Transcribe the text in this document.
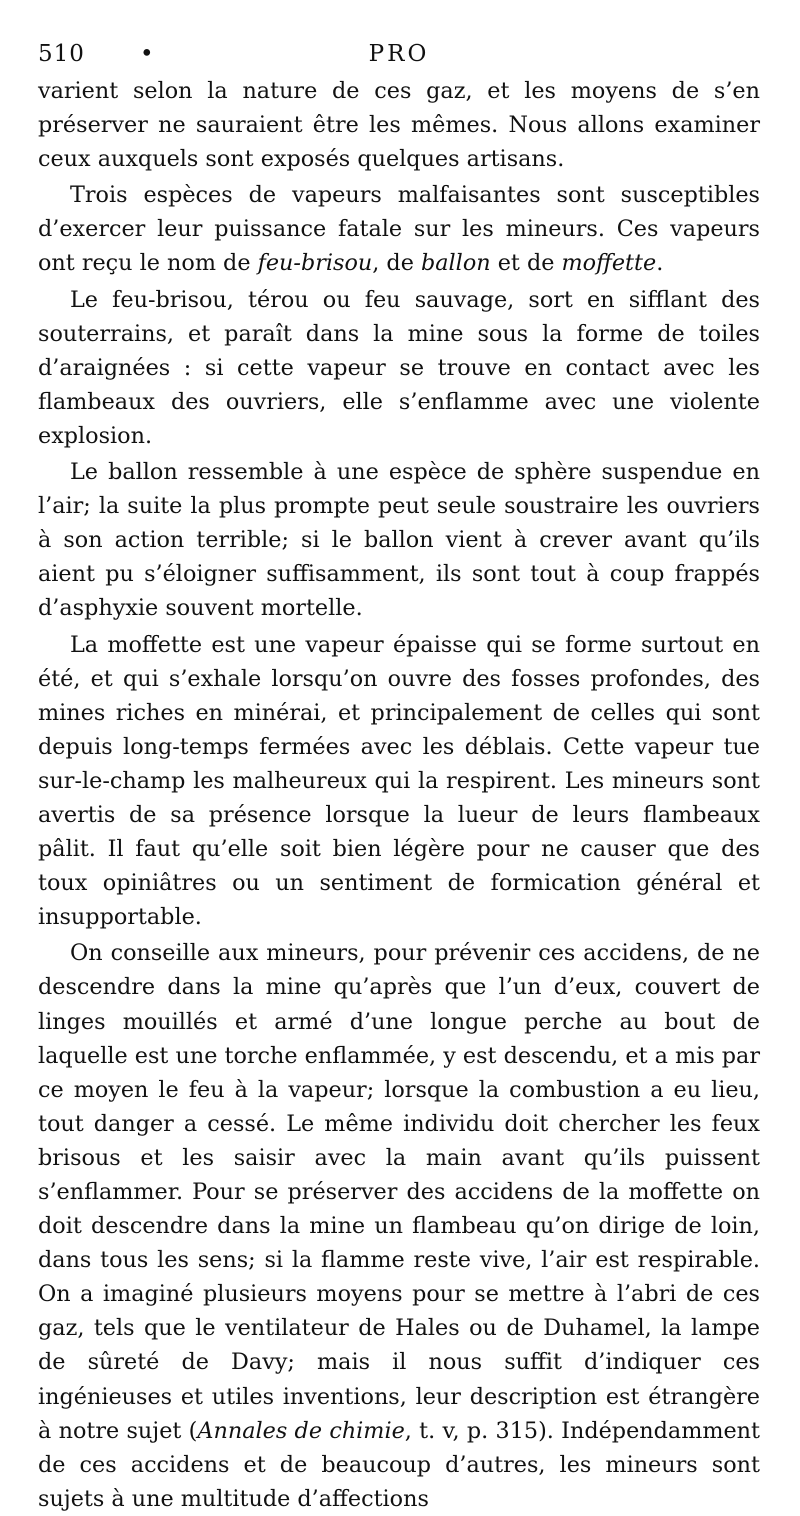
510 •	PRO

varient selon la nature de ces gaz, et les moyens de s’en préserver ne sauraient être les mêmes. Nous allons examiner ceux auxquels sont exposés quelques artisans.

Trois espèces de vapeurs malfaisantes sont susceptibles d’exercer leur puissance fatale sur les mineurs. Ces vapeurs ont reçu le nom de feu-brisou, de ballon et de moffette.

Le feu-brisou, térou ou feu sauvage, sort en sifflant des souterrains, et paraît dans la mine sous la forme de toiles d’araignées : si cette vapeur se trouve en contact avec les flambeaux des ouvriers, elle s’enflamme avec une violente explosion.

Le ballon ressemble à une espèce de sphère suspendue en l’air; la suite la plus prompte peut seule soustraire les ouvriers à son action terrible; si le ballon vient à crever avant qu’ils aient pu s’éloigner suffisamment, ils sont tout à coup frappés d’asphyxie souvent mortelle.

La moffette est une vapeur épaisse qui se forme surtout en été, et qui s’exhale lorsqu’on ouvre des fosses profondes, des mines riches en minérai, et principalement de celles qui sont depuis long-temps fermées avec les déblais. Cette vapeur tue sur-le-champ les malheureux qui la respirent. Les mineurs sont avertis de sa présence lorsque la lueur de leurs flambeaux pâlit. Il faut qu’elle soit bien légère pour ne causer que des toux opiniâtres ou un sentiment de formication général et insupportable.

On conseille aux mineurs, pour prévenir ces accidens, de ne descendre dans la mine qu’après que l’un d’eux, couvert de linges mouillés et armé d’une longue perche au bout de laquelle est une torche enflammée, y est descendu, et a mis par ce moyen le feu à la vapeur; lorsque la combustion a eu lieu, tout danger a cessé. Le même individu doit chercher les feux brisous et les saisir avec la main avant qu’ils puissent s’enflammer. Pour se préserver des accidens de la moffette on doit descendre dans la mine un flambeau qu’on dirige de loin, dans tous les sens; si la flamme reste vive, l’air est respirable. On a imaginé plusieurs moyens pour se mettre à l’abri de ces gaz, tels que le ventilateur de Hales ou de Duhamel, la lampe de sûreté de Davy; mais il nous suffit d’indiquer ces ingénieuses et utiles inventions, leur description est étrangère à notre sujet (Annales de chimie, t. v, p. 315). Indépendamment de ces accidens et de beaucoup d’autres, les mineurs sont sujets à une multitude d’affections
